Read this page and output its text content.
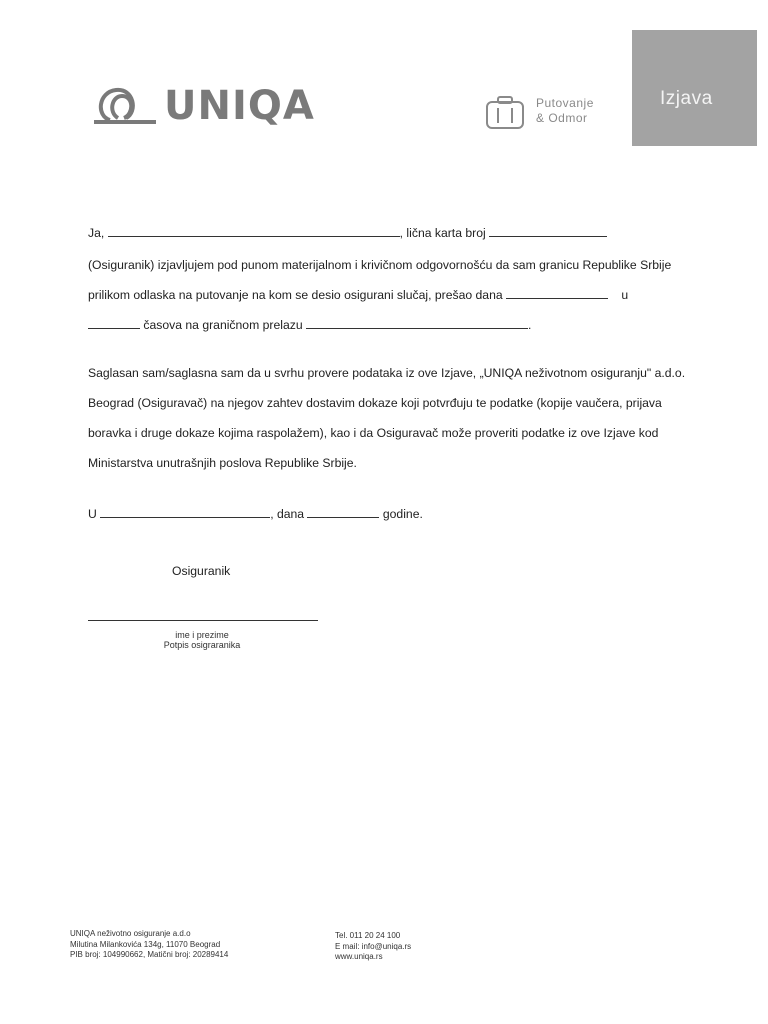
UNIQA	Putovanje
& Odmor
Izjava
Ja,	, lična karta broj
(Osiguranik) izjavljujem pod punom materijalnom i krivičnom odgovornošću da sam granicu Republike Srbije
prilikom odlaska na putovanje na kom se desio osigurani slučaj, prešao dana	u
časova na graničnom prelazu	.
Saglasan sam/saglasna sam da u svrhu provere podataka iz ove Izjave, „UNIQA neživotnom osiguranju" a.d.o.
Beograd (Osiguravač) na njegov zahtev dostavim dokaze koji potvrđuju te podatke (kopije vaučera, prijava
boravka i druge dokaze kojima raspolažem), kao i da Osiguravač može proveriti podatke iz ove Izjave kod
Ministarstva unutrašnjih poslova Republike Srbije.
U	, dana	godine.
Osiguranik
ime i prezime
Potpis osigraranika
UNIQA neživotno osiguranje a.d.o
Milutina Milankovića 134g, 11070 Beograd
PIB broj: 104990662, Matični broj: 20289414
Tel. 011 20 24 100
E mail: info@uniqa.rs
www.uniqa.rs
